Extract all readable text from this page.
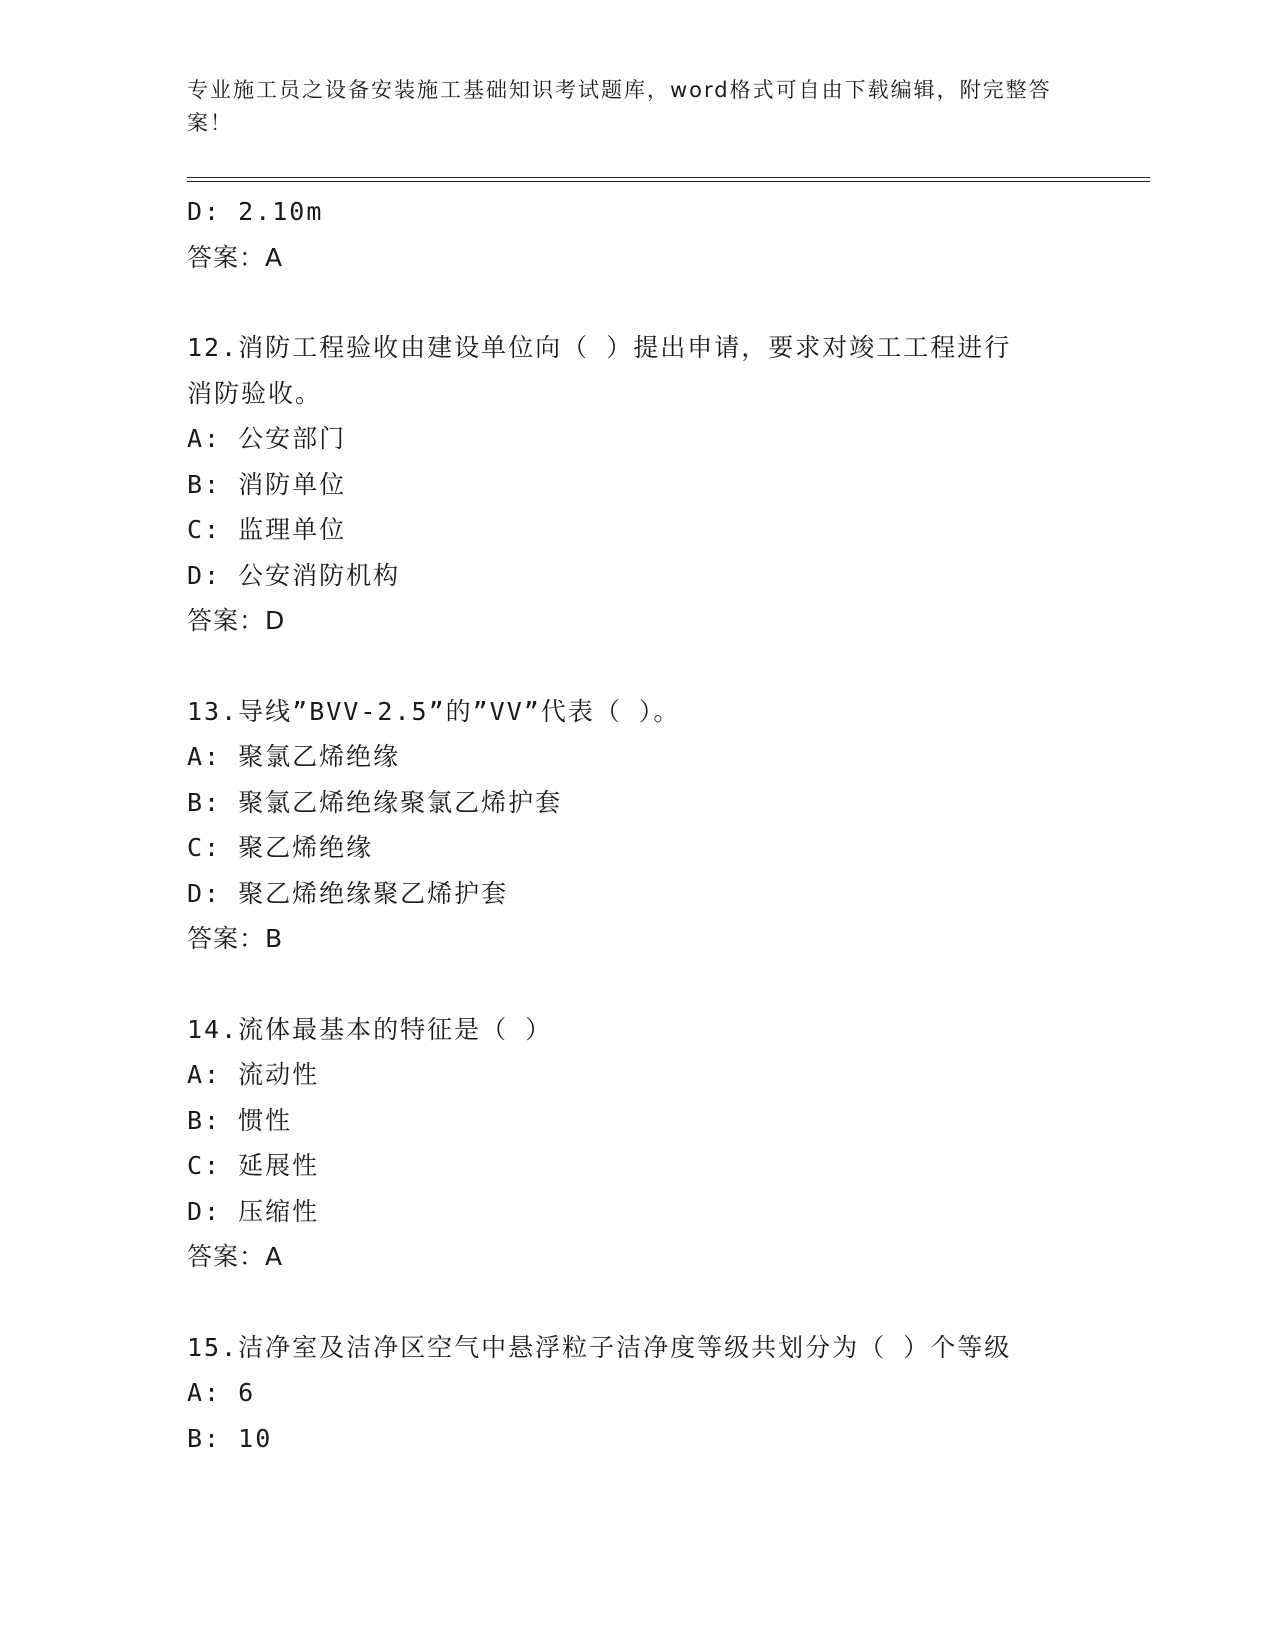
专业施工员之设备安装施工基础知识考试题库，word格式可自由下载编辑，附完整答案！
D: 2.10m
答案：A
12.消防工程验收由建设单位向（ ）提出申请，要求对竣工工程进行
消防验收。
A: 公安部门
B: 消防单位
C: 监理单位
D: 公安消防机构
答案：D
13.导线”BVV-2.5”的”VV”代表（ ）。
A: 聚氯乙烯绝缘
B: 聚氯乙烯绝缘聚氯乙烯护套
C: 聚乙烯绝缘
D: 聚乙烯绝缘聚乙烯护套
答案：B
14.流体最基本的特征是（ ）
A: 流动性
B: 惯性
C: 延展性
D: 压缩性
答案：A
15.洁净室及洁净区空气中悬浮粒子洁净度等级共划分为（ ）个等级
A: 6
B: 10
